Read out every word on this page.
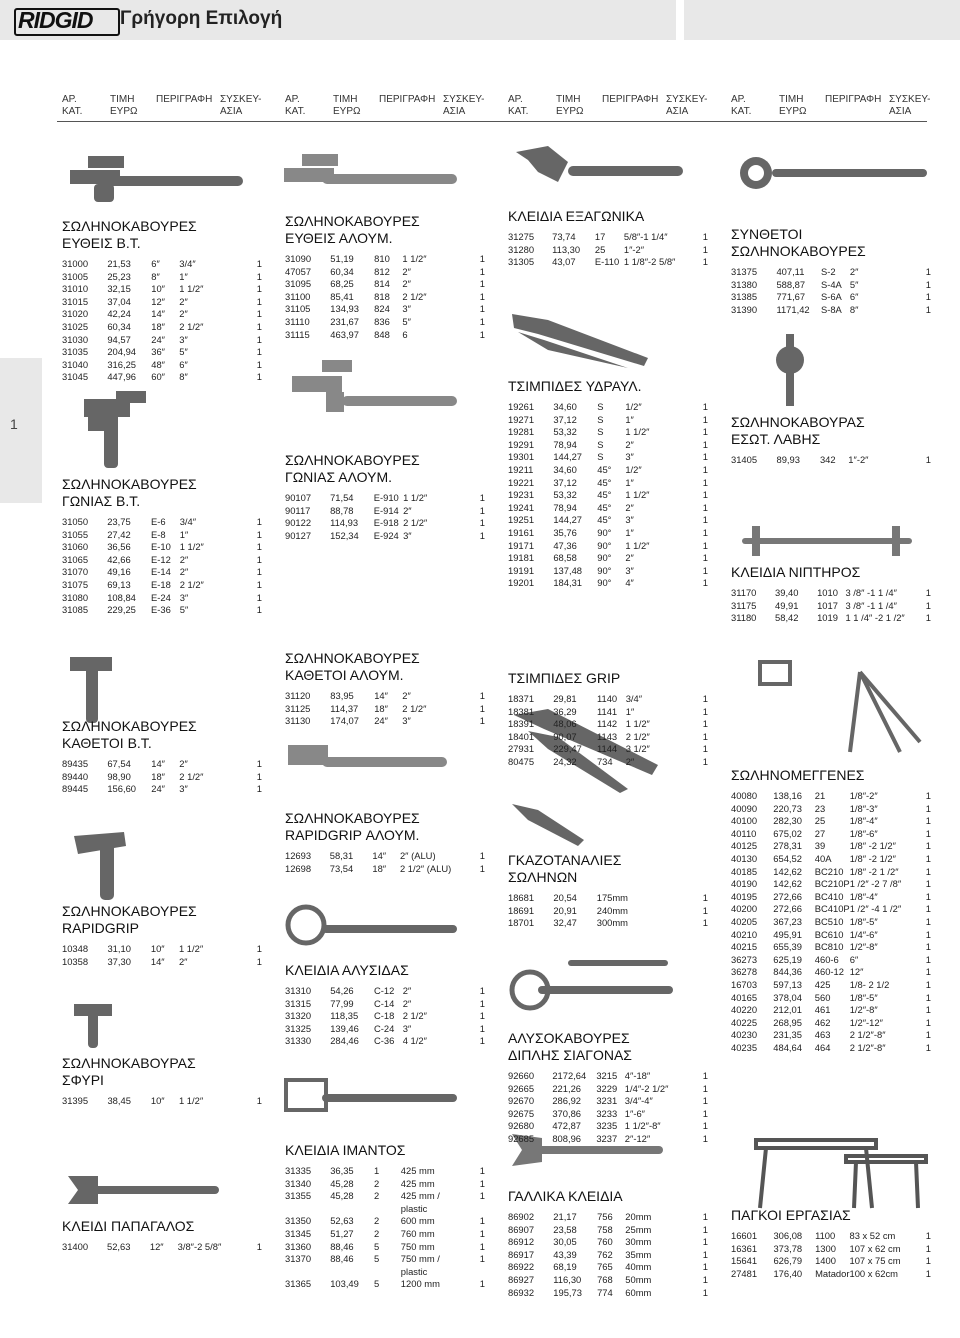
RIDGID Γρήγορη Επιλογή
ΑΡ.
ΚΑΤ.
ΤΙΜΗ
ΕΥΡΩ
ΠΕΡΙΓΡΑΦΗ ΣΥΣΚΕΥ-
ΑΣΙΑ
ΑΡ.
ΚΑΤ.
ΤΙΜΗ
ΕΥΡΩ
ΠΕΡΙΓΡΑΦΗ ΣΥΣΚΕΥ-
ΑΣΙΑ
ΑΡ.
ΚΑΤ.
ΤΙΜΗ
ΕΥΡΩ
ΠΕΡΙΓΡΑΦΗ ΣΥΣΚΕΥ-
ΑΣΙΑ
ΑΡ.
ΚΑΤ.
ΤΙΜΗ
ΕΥΡΩ
ΠΕΡΙΓΡΑΦΗ ΣΥΣΚΕΥ-
ΑΣΙΑ
1
ΣΩΛΗΝΟΚΑΒΟΥΡΕΣ
ΕΥΘΕΙΣ Β.Τ.
31000	21,53	6″	3/4″	1
31005	25,23	8″	1″	1
31010	32,15	10″	1 1/2″	1
31015	37,04	12″	2″	1
31020	42,24	14″	2″	1
31025	60,34	18″	2 1/2″	1
31030	94,57	24″	3″	1
31035	204,94	36″	5″	1
31040	316,25	48″	6″	1
31045	447,96	60″	8″	1
ΣΩΛΗΝΟΚΑΒΟΥΡΕΣ
ΓΩΝΙΑΣ Β.Τ.
31050	23,75	E-6	3/4″	1
31055	27,42	E-8	1″	1
31060	36,56	E-10	1 1/2″	1
31065	42,66	E-12	2″	1
31070	49,16	E-14	2″	1
31075	69,13	E-18	2 1/2″	1
31080	108,84	E-24	3″	1
31085	229,25	E-36	5″	1
ΣΩΛΗΝΟΚΑΒΟΥΡΕΣ
ΚΑΘΕΤΟΙ Β.Τ.
89435	67,54	14″	2″	1
89440	98,90	18″	2 1/2″	1
89445	156,60	24″	3″	1
ΣΩΛΗΝΟΚΑΒΟΥΡΕΣ
RAPIDGRIP
10348	31,10	10″	1 1/2″	1
10358	37,30	14″	2″	1
ΣΩΛΗΝΟΚΑΒΟΥΡΑΣ
ΣΦΥΡΙ
31395	38,45	10″	1 1/2″	1
ΚΛΕΙΔΙ ΠΑΠΑΓΑΛΟΣ
31400	52,63	12″	3/8″-2 5/8″	1
ΣΩΛΗΝΟΚΑΒΟΥΡΕΣ
ΕΥΘΕΙΣ ΑΛΟΥΜ.
31090	51,19	810	1 1/2″	1
47057	60,34	812	2″	1
31095	68,25	814	2″	1
31100	85,41	818	2 1/2″	1
31105	134,93	824	3″	1
31110	231,67	836	5″	1
31115	463,97	848	6	1
ΣΩΛΗΝΟΚΑΒΟΥΡΕΣ
ΓΩΝΙΑΣ ΑΛΟΥΜ.
90107	71,54	E-910	1 1/2″	1
90117	88,78	E-914	2″	1
90122	114,93	E-918	2 1/2″	1
90127	152,34	E-924	3″	1
ΣΩΛΗΝΟΚΑΒΟΥΡΕΣ
ΚΑΘΕΤΟΙ ΑΛΟΥΜ.
31120	83,95	14″	2″	1
31125	114,37	18″	2 1/2″	1
31130	174,07	24″	3″	1
ΣΩΛΗΝΟΚΑΒΟΥΡΕΣ
RAPIDGRIP ΑΛΟΥΜ.
12693	58,31	14″	2″ (ALU)	1
12698	73,54	18″	2 1/2″ (ALU)	1
ΚΛΕΙΔΙΑ ΑΛΥΣΙΔΑΣ
31310	54,26	C-12	2″	1
31315	77,99	C-14	2″	1
31320	118,35	C-18	2 1/2″	1
31325	139,46	C-24	3″	1
31330	284,46	C-36	4 1/2″	1
ΚΛΕΙΔΙΑ ΙΜΑΝΤΟΣ
31335	36,35	1	425 mm	1
31340	45,28	2	425 mm	1
31355	45,28	2	425 mm /	1
			plastic	
31350	52,63	2	600 mm	1
31345	51,27	2	760 mm	1
31360	88,46	5	750 mm	1
31370	88,46	5	750 mm /	1
			plastic	
31365	103,49	5	1200 mm	1
ΚΛΕΙΔΙΑ ΕΞΑΓΩΝΙΚΑ
31275	73,74	17	5/8″-1 1/4″	1
31280	113,30	25	1″-2″	1
31305	43,07	E-110	1 1/8″-2 5/8″	1
ΤΣΙΜΠΙΔΕΣ ΥΔΡΑΥΛ.
19261	34,60	S	1/2″	1
19271	37,12	S	1″	1
19281	53,32	S	1 1/2″	1
19291	78,94	S	2″	1
19301	144,27	S	3″	1
19211	34,60	45°	1/2″	1
19221	37,12	45°	1″	1
19231	53,32	45°	1 1/2″	1
19241	78,94	45°	2″	1
19251	144,27	45°	3″	1
19161	35,76	90°	1″	1
19171	47,36	90°	1 1/2″	1
19181	68,58	90°	2″	1
19191	137,48	90°	3″	1
19201	184,31	90°	4″	1
ΤΣΙΜΠΙΔΕΣ GRIP
18371	29,81	1140	3/4″	1
18381	36,29	1141	1″	1
18391	48,06	1142	1 1/2″	1
18401	90,07	1143	2 1/2″	1
27931	229,47	1144	3 1/2″	1
80475	24,32	734	2″	1
ΓΚΑΖΟΤΑΝΑΛΙΕΣ
ΣΩΛΗΝΩΝ
18681	20,54	175mm		1
18691	20,91	240mm		1
18701	32,47	300mm		1
ΑΛΥΣΟΚΑΒΟΥΡΕΣ
ΔΙΠΛΗΣ ΣΙΑΓΟΝΑΣ
92660	2172,64	3215	4″-18″	1
92665	221,26	3229	1/4″-2 1/2″	1
92670	286,92	3231	3/4″-4″	1
92675	370,86	3233	1″-6″	1
92680	472,87	3235	1 1/2″-8″	1
92685	808,96	3237	2″-12″	1
ΓΑΛΛΙΚΑ ΚΛΕΙΔΙΑ
86902	21,17	756	20mm	1
86907	23,58	758	25mm	1
86912	30,05	760	30mm	1
86917	43,39	762	35mm	1
86922	68,19	765	40mm	1
86927	116,30	768	50mm	1
86932	195,73	774	60mm	1
ΣΥΝΘΕΤΟΙ
ΣΩΛΗΝΟΚΑΒΟΥΡΕΣ
31375	407,11	S-2	2″	1
31380	588,87	S-4A	5″	1
31385	771,67	S-6A	6″	1
31390	1171,42	S-8A	8″	1
ΣΩΛΗΝΟΚΑΒΟΥΡΑΣ
ΕΣΩΤ. ΛΑΒΗΣ
31405	89,93	342	1″-2″	1
ΚΛΕΙΔΙΑ ΝΙΠΤΗΡΟΣ
31170	39,40	1010	3 /8″ -1 1 /4″	1
31175	49,91	1017	3 /8″ -1 1 /4″	1
31180	58,42	1019	1 1 /4″ -2 1 /2″	1
ΣΩΛΗΝΟΜΕΓΓΕΝΕΣ
40080	138,16	21	1/8″-2″	1
40090	220,73	23	1/8″-3″	1
40100	282,30	25	1/8″-4″	1
40110	675,02	27	1/8″-6″	1
40125	278,31	39	1/8″ -2 1/2″	1
40130	654,52	40A	1/8″ -2 1/2″	1
40185	142,62	BC210	1/8″ -2 1 /2″	1
40190	142,62	BC210P	1 /2″ -2 7 /8″	1
40195	272,66	BC410	1/8″-4″	1
40200	272,66	BC410P	1 /2″ -4 1 /2″	1
40205	367,23	BC510	1/8″-5″	1
40210	495,91	BC610	1/4″-6″	1
40215	655,39	BC810	1/2″-8″	1
36273	625,19	460-6	6″	1
36278	844,36	460-12	12″	1
16703	597,13	425	1/8- 2 1/2	1
40165	378,04	560	1/8″-5″	1
40220	212,01	461	1/2″-8″	1
40225	268,95	462	1/2″-12″	1
40230	231,35	463	2 1/2″-8″	1
40235	484,64	464	2 1/2″-8″	1
ΠΑΓΚΟΙ ΕΡΓΑΣΙΑΣ
16601	306,08	1100	83 x 52 cm	1
16361	373,78	1300	107 x 62 cm	1
15641	626,79	1400	107 x 75 cm	1
27481	176,40	Matador	100 x 62cm	1
